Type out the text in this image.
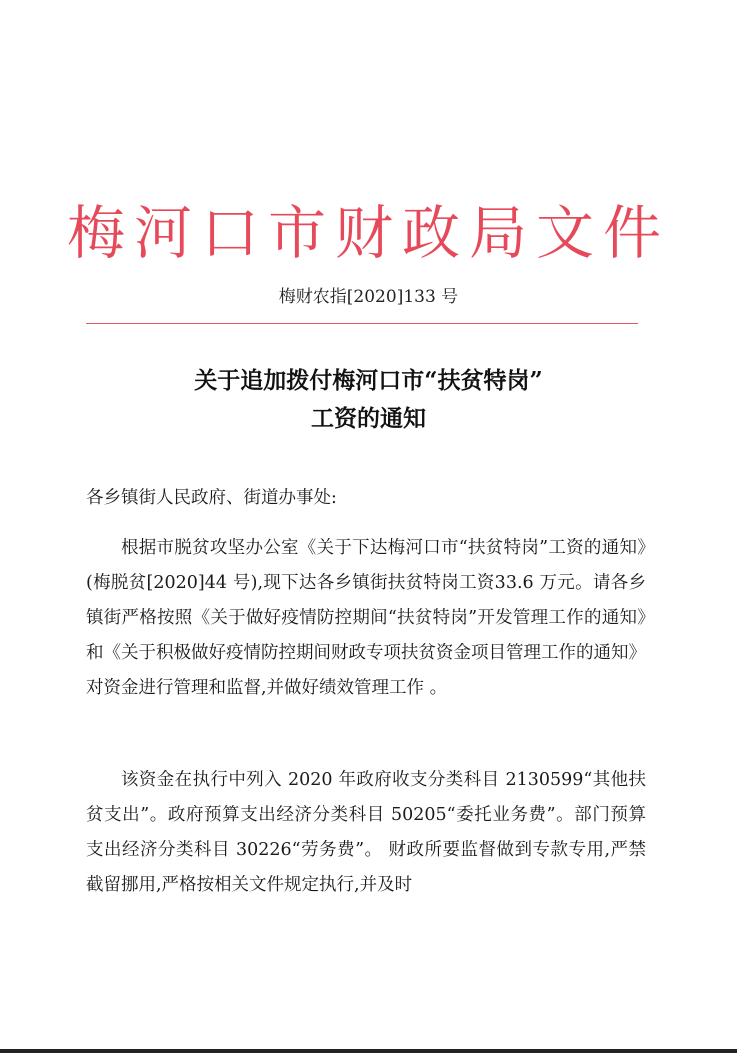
梅河口市财政局文件
梅财农指[2020]133 号
关于追加拨付梅河口市“扶贫特岗”
工资的通知
各乡镇街人民政府、街道办事处:

根据市脱贫攻坚办公室《关于下达梅河口市“扶贫特岗”工资的通知》(梅脱贫[2020]44 号),现下达各乡镇街扶贫特岗工资33.6 万元。请各乡镇街严格按照《关于做好疫情防控期间“扶贫特岗”开发管理工作的通知》和《关于积极做好疫情防控期间财政专项扶贫资金项目管理工作的通知》对资金进行管理和监督,并做好绩效管理工作 。

该资金在执行中列入 2020 年政府收支分类科目 2130599“其他扶贫支出”。政府预算支出经济分类科目 50205“委托业务费”。部门预算支出经济分类科目 30226“劳务费”。 财政所要监督做到专款专用,严禁截留挪用,严格按相关文件规定执行,并及时
